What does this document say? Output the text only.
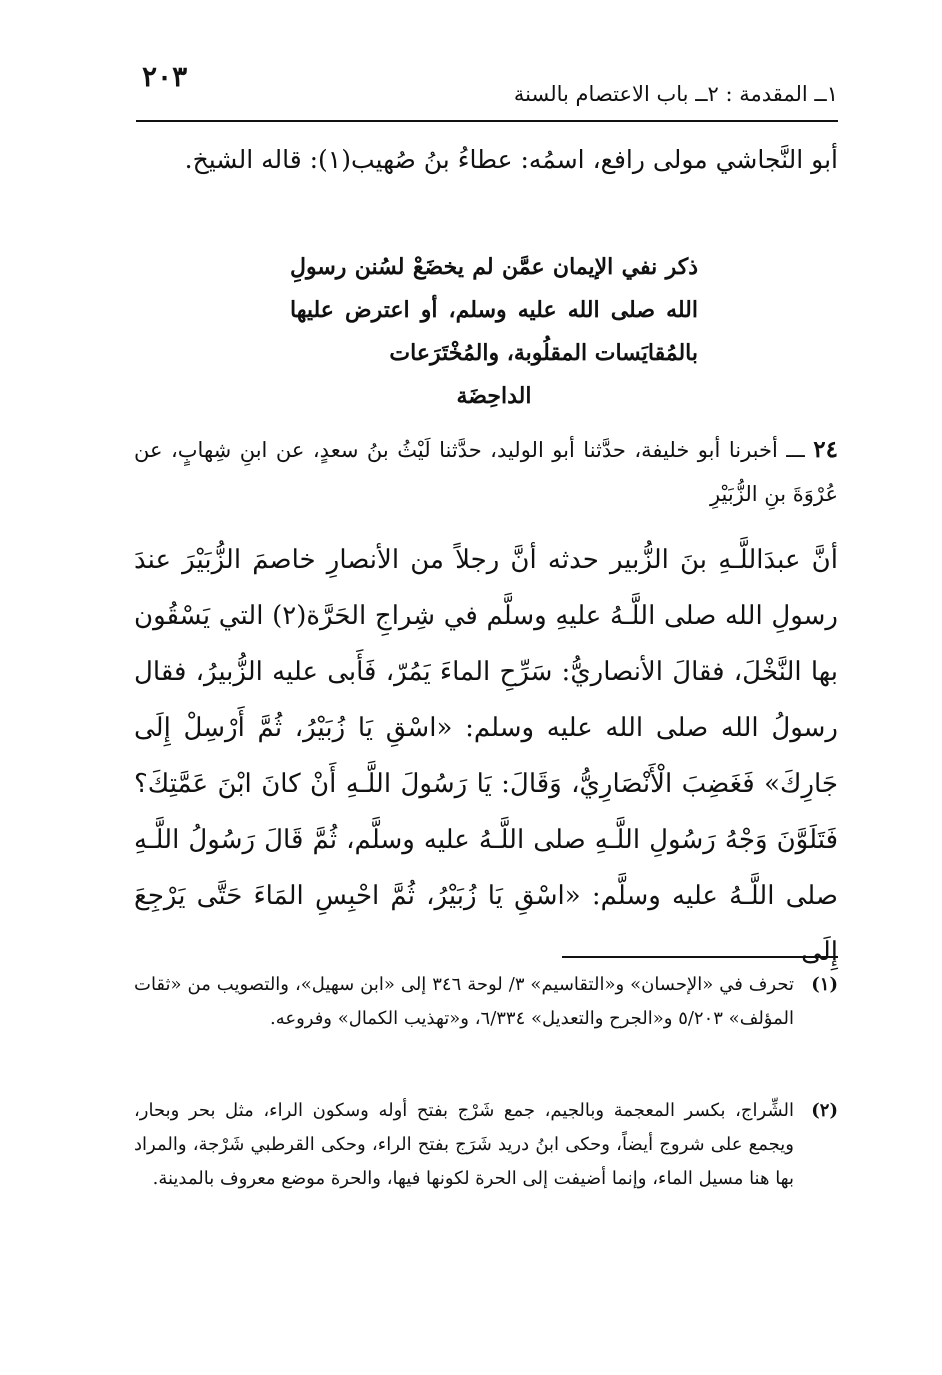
١ــ المقدمة : ٢ــ باب الاعتصام بالسنة
٢٠٣
أبو النَّجاشي مولى رافع، اسمُه: عطاءُ بنُ صُهيب(١): قاله الشيخ.
ذكر نفي الإيمان عمَّن لم يخضَعْ لسُنن رسولِ الله صلى الله عليه وسلم، أو اعترض عليها بالمُقايَسات المقلُوبة، والمُخْتَرَعات
الداحِضَة
٢٤ ـــ أخبرنا أبو خليفة، حدَّثنا أبو الوليد، حدَّثنا لَيْثُ بنُ سعدٍ، عن ابنِ شِهابٍ، عن عُرْوَةَ بنِ الزُّبَيْرِ
أنَّ عبدَاللَّـهِ بنَ الزُّبير حدثه أنَّ رجلاً من الأنصارِ خاصمَ الزُّبَيْرَ عندَ رسولِ الله صلى اللَّـهُ عليهِ وسلَّم في شِراجِ الحَرَّة(٢) التي يَسْقُون بها النَّخْلَ، فقالَ الأنصاريُّ: سَرِّحِ الماءَ يَمُرّ، فَأَبى عليه الزُّبيرُ، فقال رسولُ الله صلى الله عليه وسلم: «اسْقِ يَا زُبَيْرُ، ثُمَّ أَرْسِلْ إِلَى جَارِكَ» فَغَضِبَ الْأَنْصَارِيُّ، وَقَالَ: يَا رَسُولَ اللَّـهِ أَنْ كانَ ابْنَ عَمَّتِكَ؟ فَتَلَوَّنَ وَجْهُ رَسُولِ اللَّـهِ صلى اللَّـهُ عليه وسلَّم، ثُمَّ قَالَ رَسُولُ اللَّـهِ صلى اللَّـهُ عليه وسلَّم: «اسْقِ يَا زُبَيْرُ، ثُمَّ احْبِسِ المَاءَ حَتَّى يَرْجِعَ إِلَى
(١)
تحرف في «الإحسان» و«التقاسيم» ٣/ لوحة ٣٤٦ إلى «ابن سهيل»، والتصويب من «ثقات المؤلف» ٥/٢٠٣ و«الجرح والتعديل» ٦/٣٣٤، و«تهذيب الكمال» وفروعه.
(٢)
الشِّراج، بكسر المعجمة وبالجيم، جمع شَرْج بفتح أوله وسكون الراء، مثل بحر وبحار، ويجمع على شروج أيضاً، وحكى ابنُ دريد شَرَج بفتح الراء، وحكى القرطبي شَرْجة، والمراد بها هنا مسيل الماء، وإنما أضيفت إلى الحرة لكونها فيها، والحرة موضع معروف بالمدينة.
